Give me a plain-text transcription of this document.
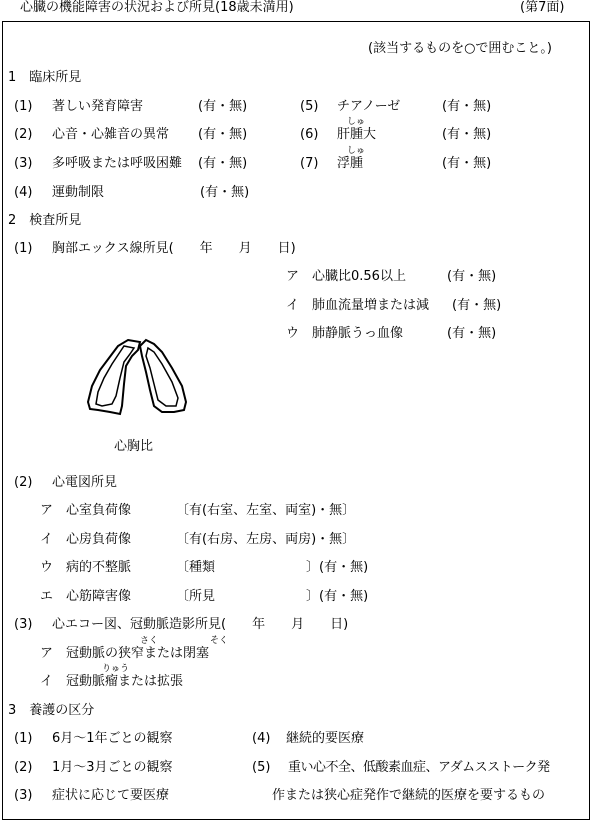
心臓の機能障害の状況および所見(18歳未満用)	(第7面)
(該当するものを○で囲むこと。)
1　臨床所見
(1) 著しい発育障害	(有・無)
(2) 心音・心雑音の異常 (有・無)
(3) 多呼吸または呼吸困難 (有・無)
(4) 運動制限	(有・無)
(5) チアノーゼ	(有・無)
しゅ
(6) 肝腫大	(有・無)
しゅ
(7) 浮腫	(有・無)
2　検査所見
(1) 胸部エックス線所見(　　年　　月　　日)
ア　心臓比0.56以上	(有・無)
イ　肺血流量増または減 (有・無)
ウ　肺静脈うっ血像	(有・無)
心胸比
(2) 心電図所見
ア　心室負荷像	〔有(右室、左室、両室)・無〕
イ　心房負荷像	〔有(右房、左房、両房)・無〕
ウ　病的不整脈	〔種類　　　　　　　〕(有・無)
エ　心筋障害像	〔所見　　　　　　　〕(有・無)
(3) 心エコー図、冠動脈造影所見(　　年　　月　　日)
さく	そく
ア　冠動脈の狭窄または閉塞
りゅう
イ　冠動脈瘤または拡張
3　養護の区分
(1) 6月～1年ごとの観察
(2) 1月～3月ごとの観察
(3) 症状に応じて要医療
(4) 継続的要医療
(5) 重い心不全、低酸素血症、アダムスストーク発
作または狭心症発作で継続的医療を要するもの
